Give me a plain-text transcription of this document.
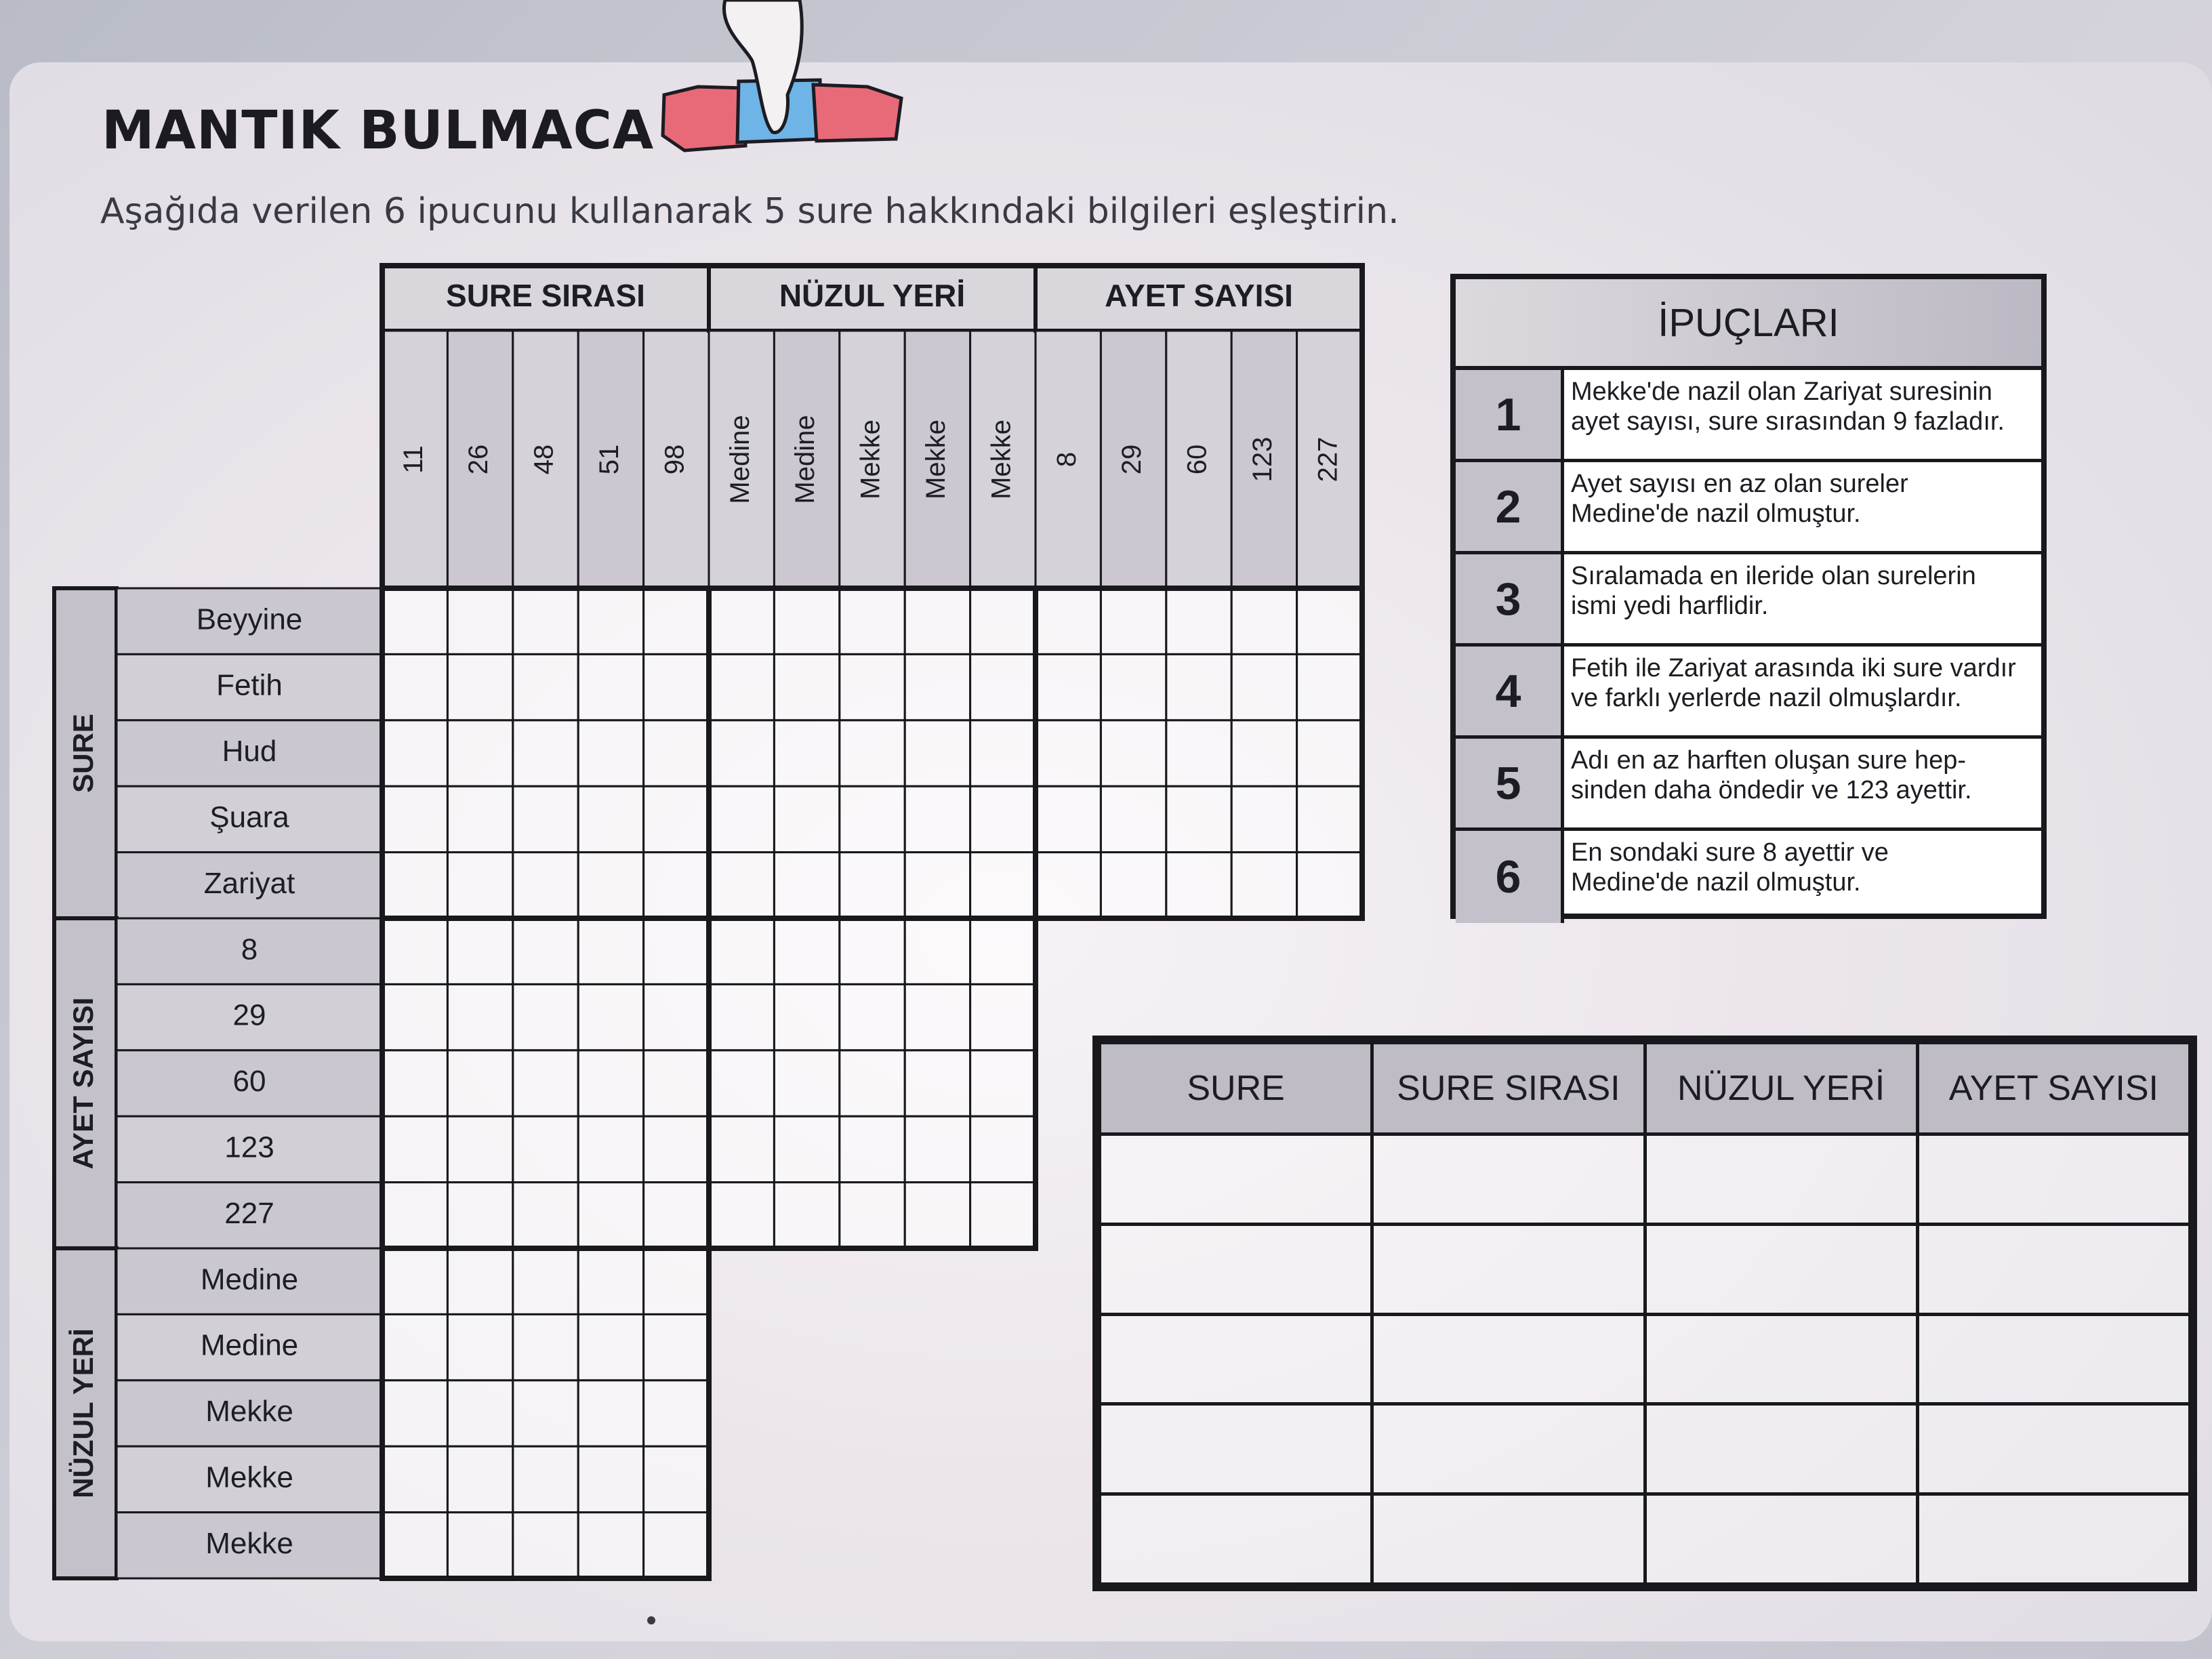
MANTIK BULMACA

Aşağıda verilen 6 ipucunu kullanarak 5 sure hakkındaki bilgileri eşleştirin.

SURE SIRASI
11 26 48 51 98
NÜZUL YERİ
Medine Medine Mekke Mekke Mekke
AYET SAYISI
8 29 60 123 227
SURE
Beyyine
Fetih
Hud
Şuara
Zariyat
AYET SAYISI
8
29
60
123
227
NÜZUL YERİ
Medine
Medine
Mekke
Mekke
Mekke
İPUÇLARI
1	Mekke'de nazil olan Zariyat suresinin
ayet sayısı, sure sırasından 9 fazladır.
2	Ayet sayısı en az olan sureler
Medine'de nazil olmuştur.
3	Sıralamada en ileride olan surelerin
ismi yedi harflidir.
4	Fetih ile Zariyat arasında iki sure vardır
ve farklı yerlerde nazil olmuşlardır.
5	Adı en az harften oluşan sure hep-
sinden daha öndedir ve 123 ayettir.
6	En sondaki sure 8 ayettir ve
Medine'de nazil olmuştur.
SURE	SURE SIRASI	NÜZUL YERİ	AYET SAYISI
